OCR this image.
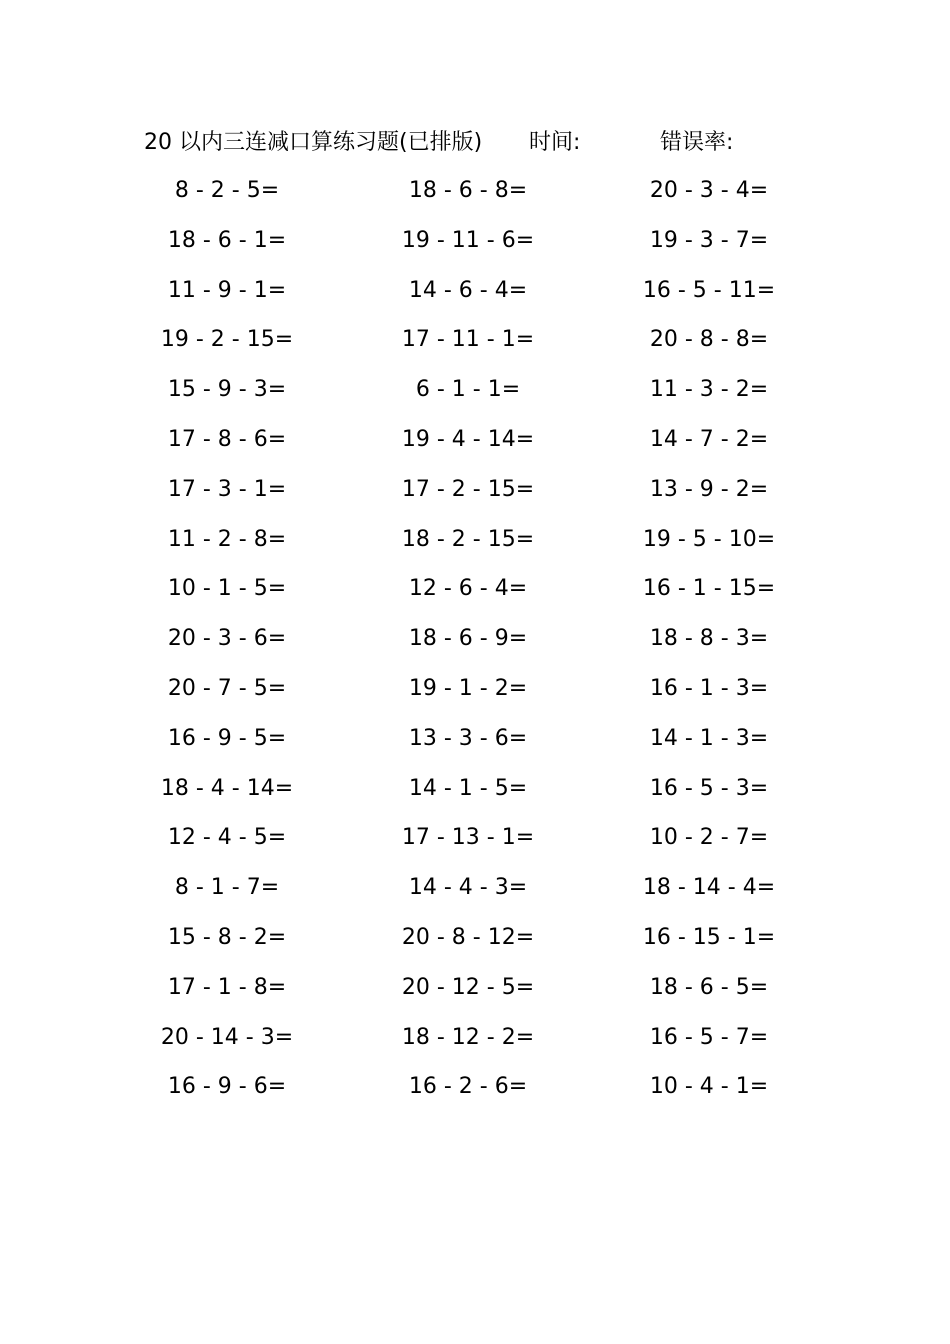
20 以内三连减口算练习题(已排版) 时间:	错误率:
8 - 2 - 5=	18 - 6 - 8=	20 - 3 - 4=
18 - 6 - 1=	19 - 11 - 6=	19 - 3 - 7=
11 - 9 - 1=	14 - 6 - 4=	16 - 5 - 11=
19 - 2 - 15=	17 - 11 - 1=	20 - 8 - 8=
15 - 9 - 3=	6 - 1 - 1=	11 - 3 - 2=
17 - 8 - 6=	19 - 4 - 14=	14 - 7 - 2=
17 - 3 - 1=	17 - 2 - 15=	13 - 9 - 2=
11 - 2 - 8=	18 - 2 - 15=	19 - 5 - 10=
10 - 1 - 5=	12 - 6 - 4=	16 - 1 - 15=
20 - 3 - 6=	18 - 6 - 9=	18 - 8 - 3=
20 - 7 - 5=	19 - 1 - 2=	16 - 1 - 3=
16 - 9 - 5=	13 - 3 - 6=	14 - 1 - 3=
18 - 4 - 14=	14 - 1 - 5=	16 - 5 - 3=
12 - 4 - 5=	17 - 13 - 1=	10 - 2 - 7=
8 - 1 - 7=	14 - 4 - 3=	18 - 14 - 4=
15 - 8 - 2=	20 - 8 - 12=	16 - 15 - 1=
17 - 1 - 8=	20 - 12 - 5=	18 - 6 - 5=
20 - 14 - 3=	18 - 12 - 2=	16 - 5 - 7=
16 - 9 - 6=	16 - 2 - 6=	10 - 4 - 1=
